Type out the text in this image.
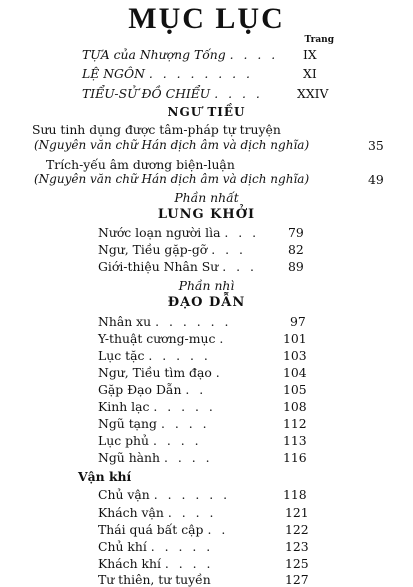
MỤC LỤC
Trang
TỰA của Nhượng Tống . . . . IX
LỆ NGÔN . . . . . . . .	XI
TIỂU-SỬ ĐỒ CHIỂU . . . .	XXIV
NGƯ TIỀU
Sưu tinh dụng được tâm-pháp tự truyện
(Nguyên văn chữ Hán dịch âm và dịch nghĩa)	35
Trích-yếu âm dương biện-luận
(Nguyên văn chữ Hán dịch âm và dịch nghĩa)	49
Phần nhất
LUNG KHỞI
Nước loạn người lìa . . . 79
Ngư, Tiều gặp-gỡ . . .	82
Giới-thiệu Nhân Sư . . .	89
Phần nhì
ĐẠO DẪN
Nhân xu . . . . . .	97
Y-thuật cương-mục .	101
Lục tặc . . . . .	103
Ngư, Tiều tìm đạo .	104
Gặp Đạo Dẫn . .	105
Kinh lạc . . . . .	108
Ngũ tạng . . . .	112
Lục phủ . . . .	113
Ngũ hành . . . .	116
Vận khí
Chủ vận . . . . . .	118
Khách vận . . . .	121
Thái quá bất cập . .	122
Chủ khí . . . . .	123
Khách khí . . . .	125
Tư thiên, tư tuyền	127
